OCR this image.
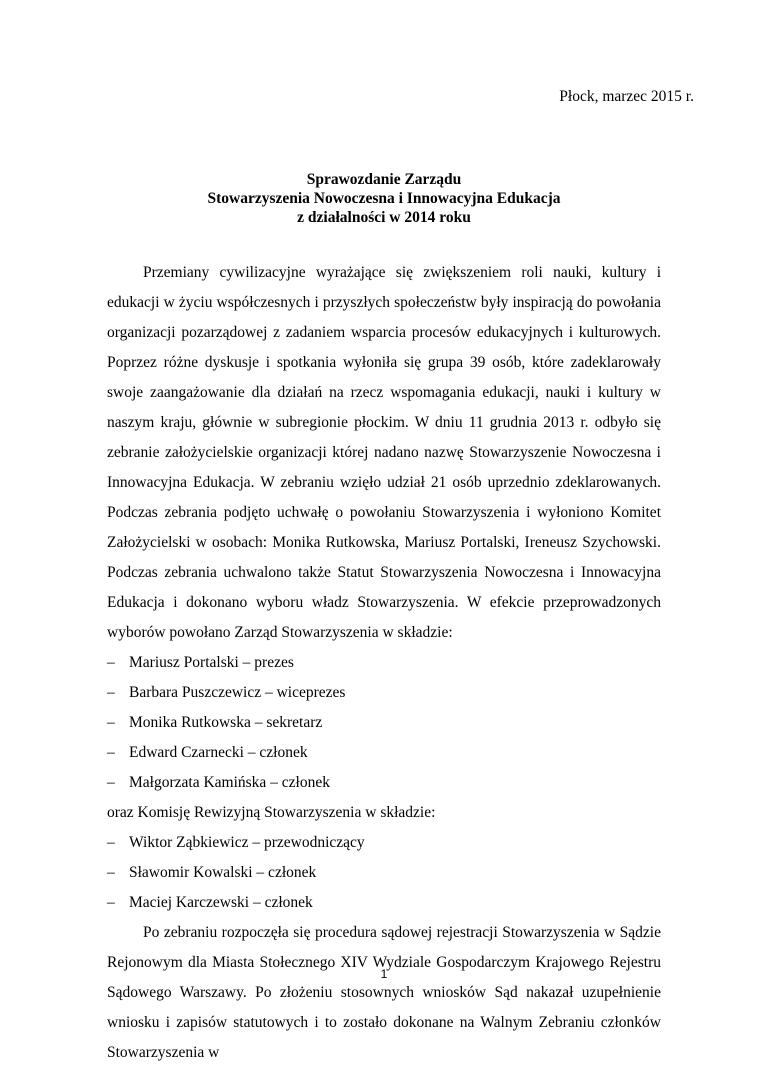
Płock, marzec 2015 r.
Sprawozdanie Zarządu
Stowarzyszenia Nowoczesna i Innowacyjna Edukacja
z działalności w 2014 roku

Przemiany cywilizacyjne wyrażające się zwiększeniem roli nauki, kultury i edukacji w życiu współczesnych i przyszłych społeczeństw były inspiracją do powołania organizacji pozarządowej z zadaniem wsparcia procesów edukacyjnych i kulturowych. Poprzez różne dyskusje i spotkania wyłoniła się grupa 39 osób, które zadeklarowały swoje zaangażowanie dla działań na rzecz wspomagania edukacji, nauki i kultury w naszym kraju, głównie w subregionie płockim. W dniu 11 grudnia 2013 r. odbyło się zebranie założycielskie organizacji której nadano nazwę Stowarzyszenie Nowoczesna i Innowacyjna Edukacja. W zebraniu wzięło udział 21 osób uprzednio zdeklarowanych. Podczas zebrania podjęto uchwałę o powołaniu Stowarzyszenia i wyłoniono Komitet Założycielski w osobach: Monika Rutkowska, Mariusz Portalski, Ireneusz Szychowski. Podczas zebrania uchwalono także Statut Stowarzyszenia Nowoczesna i Innowacyjna Edukacja i dokonano wyboru władz Stowarzyszenia. W efekcie przeprowadzonych wyborów powołano Zarząd Stowarzyszenia w składzie:

– Mariusz Portalski – prezes
– Barbara Puszczewicz – wiceprezes
– Monika Rutkowska – sekretarz
– Edward Czarnecki – członek
– Małgorzata Kamińska – członek

oraz Komisję Rewizyjną Stowarzyszenia w składzie:

– Wiktor Ząbkiewicz – przewodniczący
– Sławomir Kowalski – członek
– Maciej Karczewski – członek

Po zebraniu rozpoczęła się procedura sądowej rejestracji Stowarzyszenia w Sądzie Rejonowym dla Miasta Stołecznego XIV Wydziale Gospodarczym Krajowego Rejestru Sądowego Warszawy. Po złożeniu stosownych wniosków Sąd nakazał uzupełnienie wniosku i zapisów statutowych i to zostało dokonane na Walnym Zebraniu członków Stowarzyszenia w

1
